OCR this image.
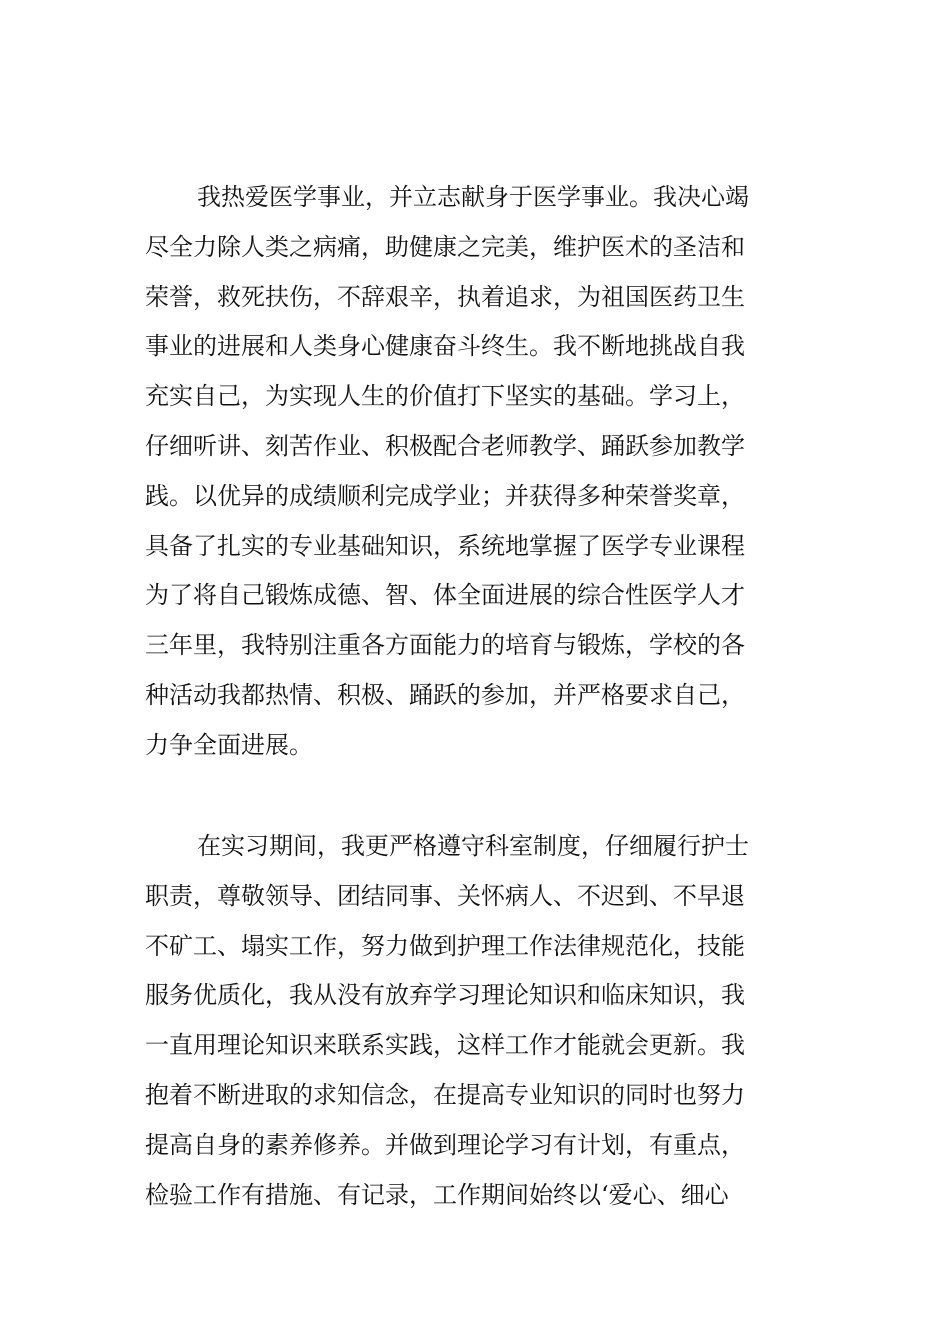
我热爱医学事业，并立志献身于医学事业。我决心竭
尽全力除人类之病痛，助健康之完美，维护医术的圣洁和
荣誉，救死扶伤，不辞艰辛，执着追求，为祖国医药卫生
事业的进展和人类身心健康奋斗终生。我不断地挑战自我
充实自己，为实现人生的价值打下坚实的基础。学习上，
仔细听讲、刻苦作业、积极配合老师教学、踊跃参加教学
践。以优异的成绩顺利完成学业；并获得多种荣誉奖章，
具备了扎实的专业基础知识，系统地掌握了医学专业课程
为了将自己锻炼成德、智、体全面进展的综合性医学人才
三年里，我特别注重各方面能力的培育与锻炼，学校的各
种活动我都热情、积极、踊跃的参加，并严格要求自己，
力争全面进展。
在实习期间，我更严格遵守科室制度，仔细履行护士
职责，尊敬领导、团结同事、关怀病人、不迟到、不早退
不矿工、塌实工作，努力做到护理工作法律规范化，技能
服务优质化，我从没有放弃学习理论知识和临床知识，我
一直用理论知识来联系实践，这样工作才能就会更新。我
抱着不断进取的求知信念，在提高专业知识的同时也努力
提高自身的素养修养。并做到理论学习有计划，有重点，
检验工作有措施、有记录，工作期间始终以‘爱心、细心
